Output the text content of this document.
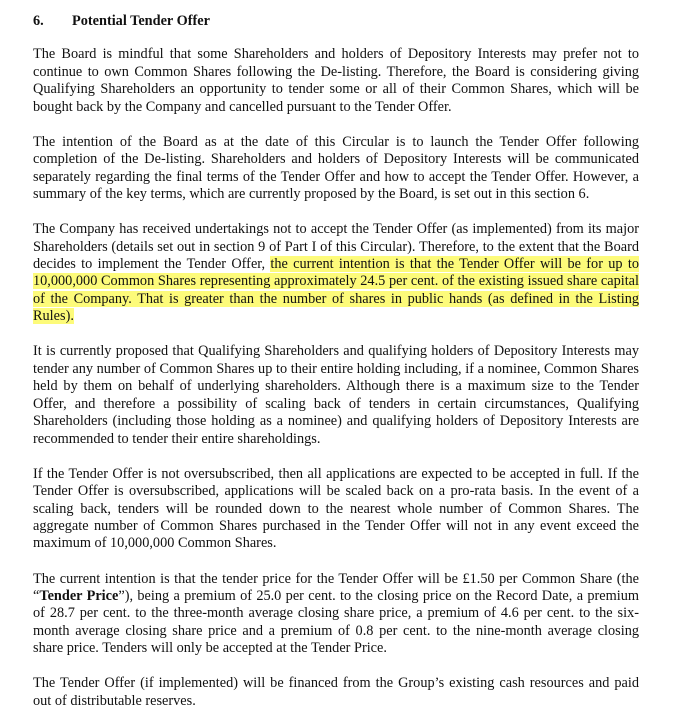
6. Potential Tender Offer

The Board is mindful that some Shareholders and holders of Depository Interests may prefer not to continue to own Common Shares following the De-listing. Therefore, the Board is considering giving Qualifying Shareholders an opportunity to tender some or all of their Common Shares, which will be bought back by the Company and cancelled pursuant to the Tender Offer.

The intention of the Board as at the date of this Circular is to launch the Tender Offer following completion of the De-listing. Shareholders and holders of Depository Interests will be communicated separately regarding the final terms of the Tender Offer and how to accept the Tender Offer. However, a summary of the key terms, which are currently proposed by the Board, is set out in this section 6.

The Company has received undertakings not to accept the Tender Offer (as implemented) from its major Shareholders (details set out in section 9 of Part I of this Circular). Therefore, to the extent that the Board decides to implement the Tender Offer, the current intention is that the Tender Offer will be for up to 10,000,000 Common Shares representing approximately 24.5 per cent. of the existing issued share capital of the Company. That is greater than the number of shares in public hands (as defined in the Listing Rules).

It is currently proposed that Qualifying Shareholders and qualifying holders of Depository Interests may tender any number of Common Shares up to their entire holding including, if a nominee, Common Shares held by them on behalf of underlying shareholders. Although there is a maximum size to the Tender Offer, and therefore a possibility of scaling back of tenders in certain circumstances, Qualifying Shareholders (including those holding as a nominee) and qualifying holders of Depository Interests are recommended to tender their entire shareholdings.

If the Tender Offer is not oversubscribed, then all applications are expected to be accepted in full. If the Tender Offer is oversubscribed, applications will be scaled back on a pro-rata basis. In the event of a scaling back, tenders will be rounded down to the nearest whole number of Common Shares. The aggregate number of Common Shares purchased in the Tender Offer will not in any event exceed the maximum of 10,000,000 Common Shares.

The current intention is that the tender price for the Tender Offer will be £1.50 per Common Share (the “Tender Price”), being a premium of 25.0 per cent. to the closing price on the Record Date, a premium of 28.7 per cent. to the three-month average closing share price, a premium of 4.6 per cent. to the six-month average closing share price and a premium of 0.8 per cent. to the nine-month average closing share price. Tenders will only be accepted at the Tender Price.

The Tender Offer (if implemented) will be financed from the Group’s existing cash resources and paid out of distributable reserves.
